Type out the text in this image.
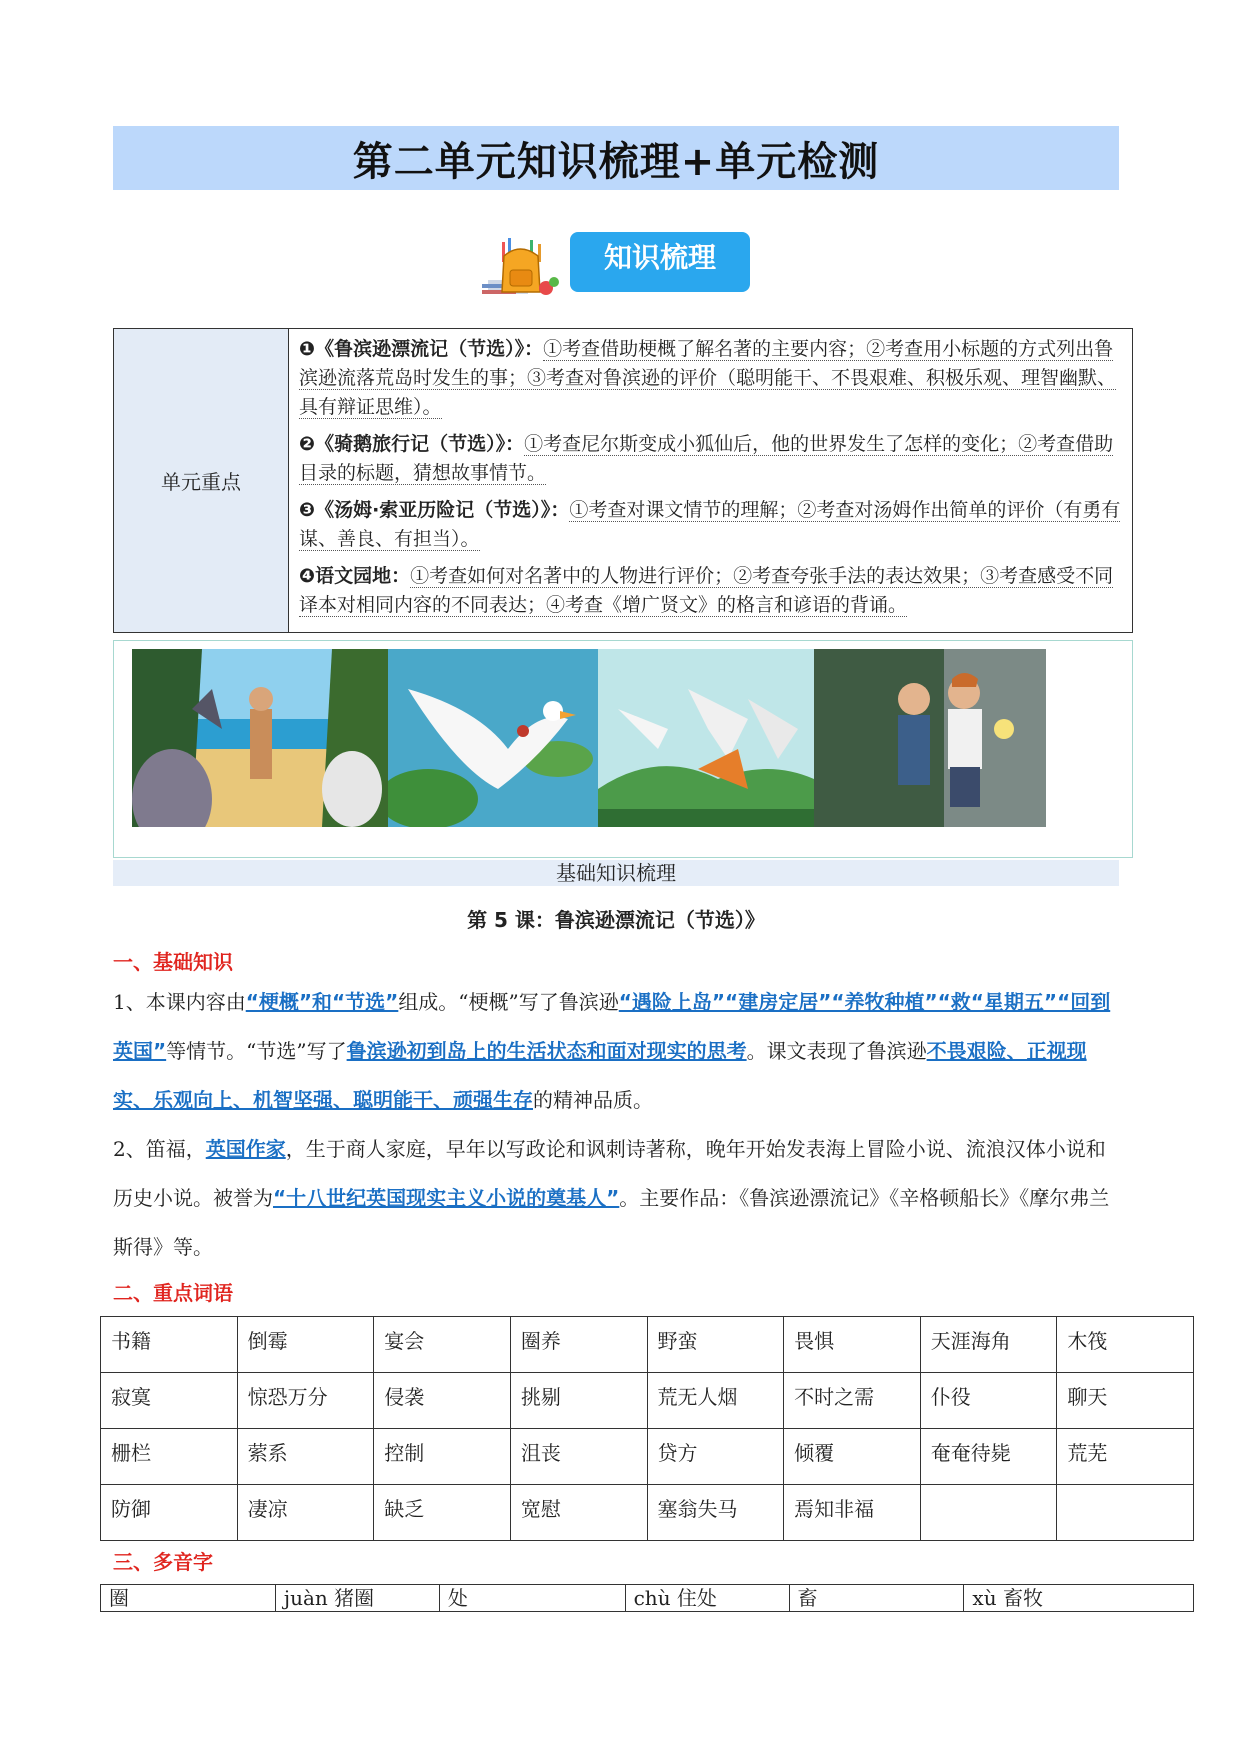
第二单元知识梳理+单元检测
知识梳理
单元重点	
❶《鲁滨逊漂流记（节选）》：①考查借助梗概了解名著的主要内容；②考查用小标题的方式列出鲁滨逊流落荒岛时发生的事；③考查对鲁滨逊的评价（聪明能干、不畏艰难、积极乐观、理智幽默、具有辩证思维）。
❷《骑鹅旅行记（节选）》：①考查尼尔斯变成小狐仙后，他的世界发生了怎样的变化；②考查借助目录的标题，猜想故事情节。
❸《汤姆·索亚历险记（节选）》：①考查对课文情节的理解；②考查对汤姆作出简单的评价（有勇有谋、善良、有担当）。
❹语文园地：①考查如何对名著中的人物进行评价；②考查夸张手法的表达效果；③考查感受不同译本对相同内容的不同表达；④考查《增广贤文》的格言和谚语的背诵。
基础知识梳理
第 5 课：鲁滨逊漂流记（节选）》
一、基础知识
1、本课内容由“梗概”和“节选”组成。“梗概”写了鲁滨逊“遇险上岛”“建房定居”“养牧种植”“救“星期五”“回到英国”等情节。“节选”写了鲁滨逊初到岛上的生活状态和面对现实的思考。课文表现了鲁滨逊不畏艰险、正视现实、乐观向上、机智坚强、聪明能干、顽强生存的精神品质。
2、笛福，英国作家，生于商人家庭，早年以写政论和讽刺诗著称，晚年开始发表海上冒险小说、流浪汉体小说和历史小说。被誉为“十八世纪英国现实主义小说的奠基人”。主要作品：《鲁滨逊漂流记》《辛格顿船长》《摩尔弗兰斯得》等。
二、重点词语
书籍	倒霉	宴会	圈养	野蛮	畏惧	天涯海角	木筏
寂寞	惊恐万分	侵袭	挑剔	荒无人烟	不时之需	仆役	聊天
栅栏	萦系	控制	沮丧	贷方	倾覆	奄奄待毙	荒芜
防御	凄凉	缺乏	宽慰	塞翁失马	焉知非福		
三、多音字
圈	juàn 猪圈	处	chù 住处	畜	xù 畜牧
